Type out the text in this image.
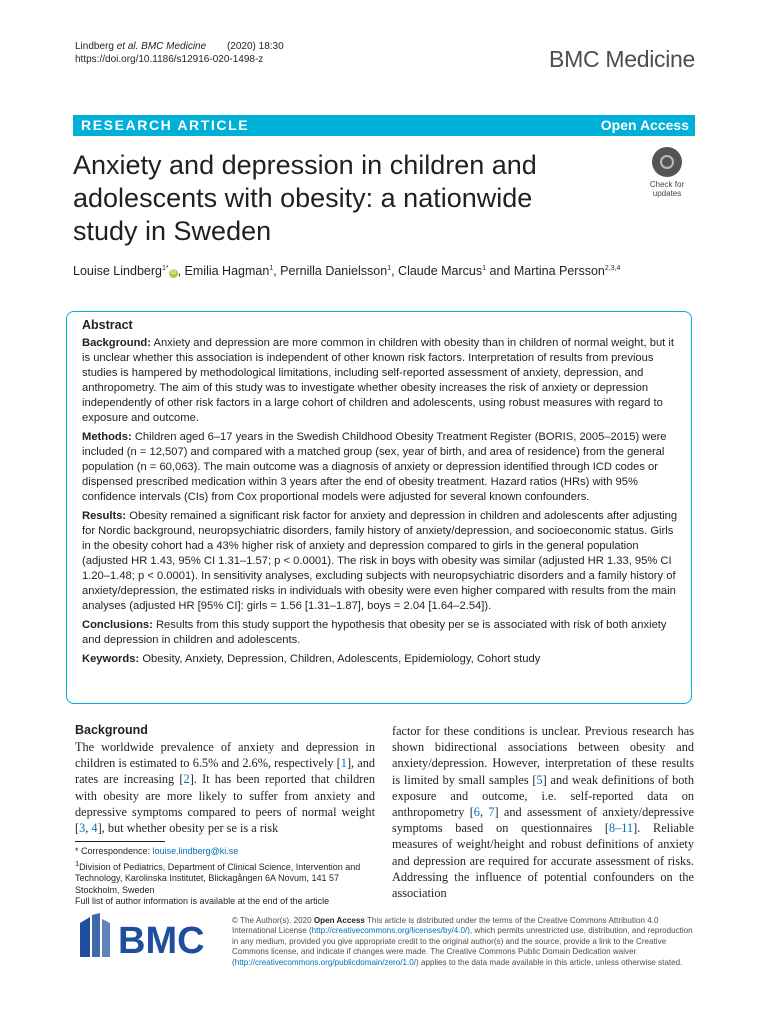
Lindberg et al. BMC Medicine (2020) 18:30
https://doi.org/10.1186/s12916-020-1498-z	BMC Medicine
RESEARCH ARTICLE	Open Access
Anxiety and depression in children and adolescents with obesity: a nationwide study in Sweden
Check for
updates
Louise Lindberg$^{1*}$iD , Emilia Hagman$^1$, Pernilla Danielsson$^1$, Claude Marcus$^1$ and Martina Persson$^{2,3,4}$
Abstract

Background: Anxiety and depression are more common in children with obesity than in children of normal weight, but it is unclear whether this association is independent of other known risk factors. Interpretation of results from previous studies is hampered by methodological limitations, including self-reported assessment of anxiety, depression, and anthropometry. The aim of this study was to investigate whether obesity increases the risk of anxiety or depression independently of other risk factors in a large cohort of children and adolescents, using robust measures with regard to exposure and outcome.

Methods: Children aged 6–17 years in the Swedish Childhood Obesity Treatment Register (BORIS, 2005–2015) were included (n = 12,507) and compared with a matched group (sex, year of birth, and area of residence) from the general population (n = 60,063). The main outcome was a diagnosis of anxiety or depression identified through ICD codes or dispensed prescribed medication within 3 years after the end of obesity treatment. Hazard ratios (HRs) with 95% confidence intervals (CIs) from Cox proportional models were adjusted for several known confounders.

Results: Obesity remained a significant risk factor for anxiety and depression in children and adolescents after adjusting for Nordic background, neuropsychiatric disorders, family history of anxiety/depression, and socioeconomic status. Girls in the obesity cohort had a 43% higher risk of anxiety and depression compared to girls in the general population (adjusted HR 1.43, 95% CI 1.31–1.57; p < 0.0001). The risk in boys with obesity was similar (adjusted HR 1.33, 95% CI 1.20–1.48; p < 0.0001). In sensitivity analyses, excluding subjects with neuropsychiatric disorders and a family history of anxiety/depression, the estimated risks in individuals with obesity were even higher compared with results from the main analyses (adjusted HR [95% CI]: girls = 1.56 [1.31–1.87], boys = 2.04 [1.64–2.54]).

Conclusions: Results from this study support the hypothesis that obesity per se is associated with risk of both anxiety and depression in children and adolescents.

Keywords: Obesity, Anxiety, Depression, Children, Adolescents, Epidemiology, Cohort study

Background
The worldwide prevalence of anxiety and depression in children is estimated to 6.5% and 2.6%, respectively [1], and rates are increasing [2]. It has been reported that children with obesity are more likely to suffer from anxiety and depressive symptoms compared to peers of normal weight [3, 4], but whether obesity per se is a risk
factor for these conditions is unclear. Previous research has shown bidirectional associations between obesity and anxiety/depression. However, interpretation of these results is limited by small samples [5] and weak definitions of both exposure and outcome, i.e. self-reported data on anthropometry [6, 7] and assessment of anxiety/depressive symptoms based on questionnaires [8–11]. Reliable measures of weight/height and robust definitions of anxiety and depression are required for accurate assessment of risks. Addressing the influence of potential confounders on the association
* Correspondence: louise.lindberg@ki.se
$^1$Division of Pediatrics, Department of Clinical Science, Intervention and Technology, Karolinska Institutet, Blickagången 6A Novum, 141 57 Stockholm, Sweden
Full list of author information is available at the end of the article
BMC	© The Author(s). 2020 Open Access This article is distributed under the terms of the Creative Commons Attribution 4.0 International License (http://creativecommons.org/licenses/by/4.0/), which permits unrestricted use, distribution, and reproduction in any medium, provided you give appropriate credit to the original author(s) and the source, provide a link to the Creative Commons license, and indicate if changes were made. The Creative Commons Public Domain Dedication waiver (http://creativecommons.org/publicdomain/zero/1.0/) applies to the data made available in this article, unless otherwise stated.
